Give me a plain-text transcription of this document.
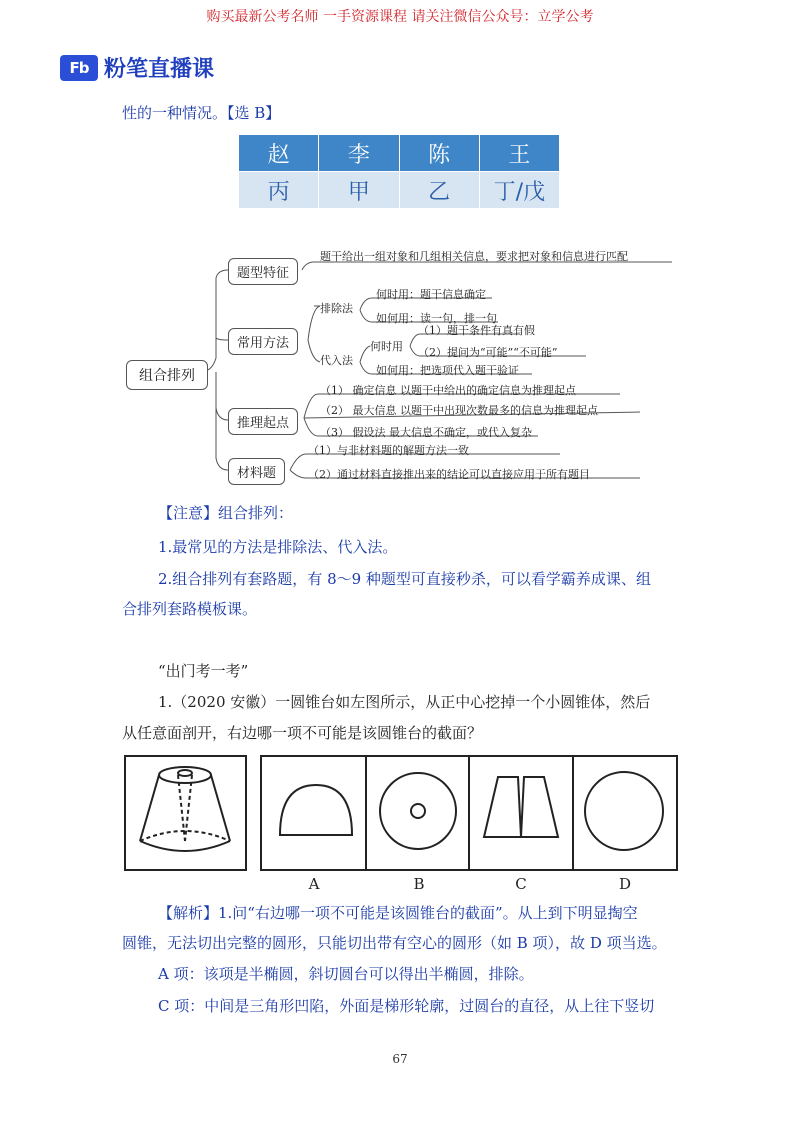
购买最新公考名师 一手资源课程 请关注微信公众号：立学公考
Fb 粉笔直播课
性的一种情况。【选 B】
赵	李	陈	王
丙	甲	乙	丁/戊
组合排列
题型特征
题干给出一组对象和几组相关信息，要求把对象和信息进行匹配
常用方法
排除法
何时用：题干信息确定
如何用：读一句，排一句
代入法
何时用
（1）题干条件有真有假
（2）提问为“可能”“不可能”
如何用：把选项代入题干验证
推理起点
（1） 确定信息 以题干中给出的确定信息为推理起点
（2） 最大信息 以题干中出现次数最多的信息为推理起点
（3） 假设法 最大信息不确定，或代入复杂
材料题
（1）与非材料题的解题方法一致
（2）通过材料直接推出来的结论可以直接应用于所有题目
【注意】组合排列：
1.最常见的方法是排除法、代入法。
2.组合排列有套路题，有 8～9 种题型可直接秒杀，可以看学霸养成课、组
合排列套路模板课。
“出门考一考”
1.（2020 安徽）一圆锥台如左图所示，从正中心挖掉一个小圆锥体，然后
从任意面剖开，右边哪一项不可能是该圆锥台的截面？
A	B	C	D
【解析】1.问“右边哪一项不可能是该圆锥台的截面”。从上到下明显掏空
圆锥，无法切出完整的圆形，只能切出带有空心的圆形（如 B 项），故 D 项当选。
A 项：该项是半椭圆，斜切圆台可以得出半椭圆，排除。
C 项：中间是三角形凹陷，外面是梯形轮廓，过圆台的直径，从上往下竖切
67
